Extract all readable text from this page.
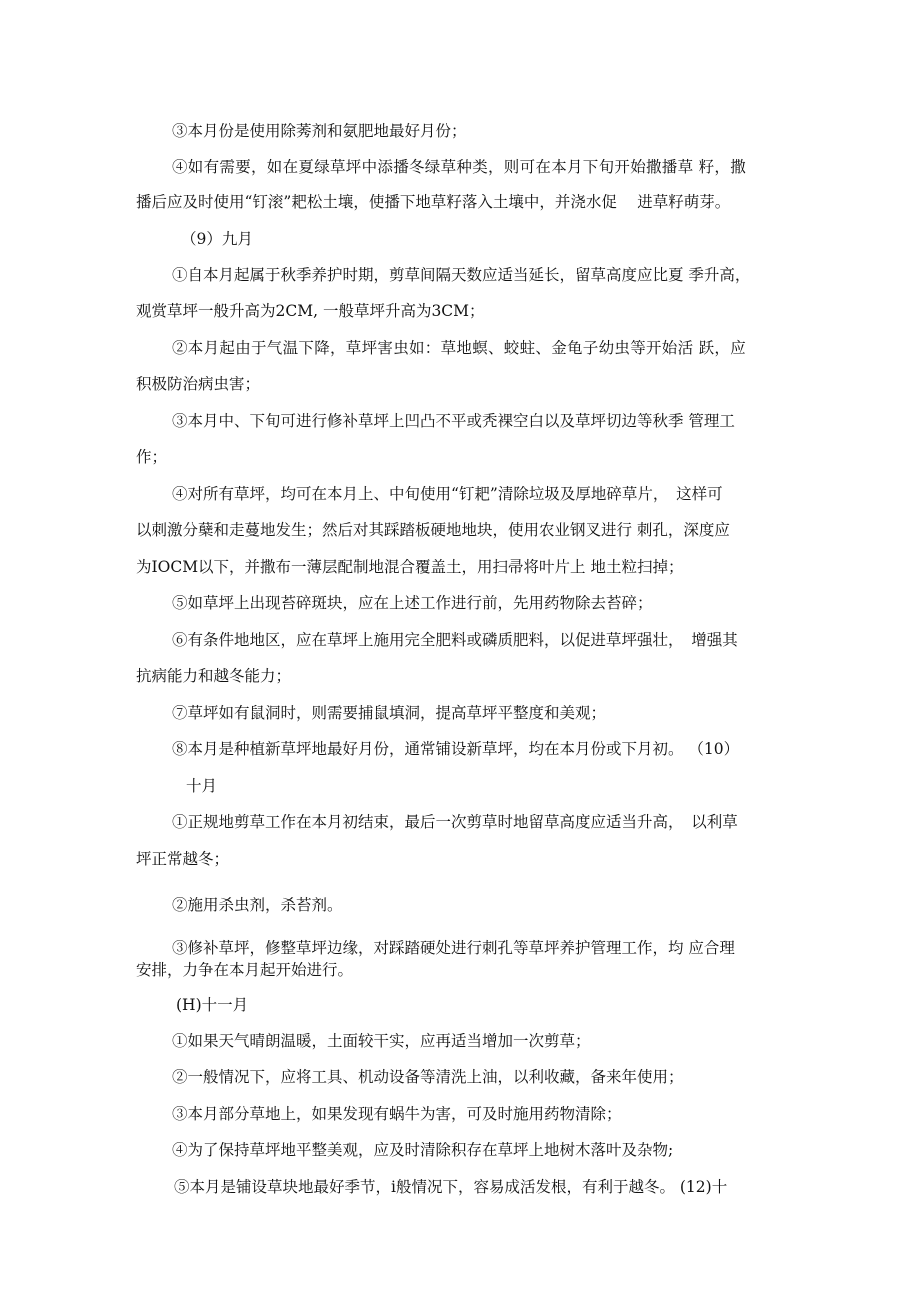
③本月份是使用除莠剂和氨肥地最好月份；

④如有需要，如在夏绿草坪中添播冬绿草种类，则可在本月下旬开始撒播草 籽，撒

播后应及时使用“钉滚”耙松土壤，使播下地草籽落入土壤中，并浇水促　 进草籽萌芽。

（9）九月

①自本月起属于秋季养护时期，剪草间隔天数应适当延长，留草高度应比夏 季升高，

观赏草坪一般升高为2CM, 一般草坪升高为3CM；

②本月起由于气温下降，草坪害虫如：草地螟、蛟蛀、金龟子幼虫等开始活 跃，应

积极防治病虫害；

③本月中、下旬可进行修补草坪上凹凸不平或秃裸空白以及草坪切边等秋季 管理工

作；

④对所有草坪，均可在本月上、中旬使用“钉耙”清除垃圾及厚地碎草片，　这样可

以刺激分蘖和走蔓地发生；然后对其踩踏板硬地地块，使用农业钢叉进行 刺孔，深度应

为IOCM以下，并撒布一薄层配制地混合覆盖土，用扫帚将叶片上 地土粒扫掉；

⑤如草坪上出现苔碎斑块，应在上述工作进行前，先用药物除去苔碎；

⑥有条件地地区，应在草坪上施用完全肥料或磷质肥料，以促进草坪强壮，　增强其

抗病能力和越冬能力；

⑦草坪如有鼠洞时，则需要捕鼠填洞，提高草坪平整度和美观；

⑧本月是种植新草坪地最好月份，通常铺设新草坪，均在本月份或下月初。 （10）

十月

①正规地剪草工作在本月初结束，最后一次剪草时地留草高度应适当升高，　以利草

坪正常越冬；

②施用杀虫剂，杀苔剂。

③修补草坪，修整草坪边缘，对踩踏硬处进行刺孔等草坪养护管理工作，均 应合理

安排，力争在本月起开始进行。

(H)十一月

①如果天气晴朗温暖，土面较干实，应再适当增加一次剪草；

②一般情况下，应将工具、机动设备等清洗上油，以利收藏，备来年使用；

③本月部分草地上，如果发现有蜗牛为害，可及时施用药物清除；

④为了保持草坪地平整美观，应及时清除积存在草坪上地树木落叶及杂物;

⑤本月是铺设草块地最好季节，i般情况下，容易成活发根，有利于越冬。 (12)十
